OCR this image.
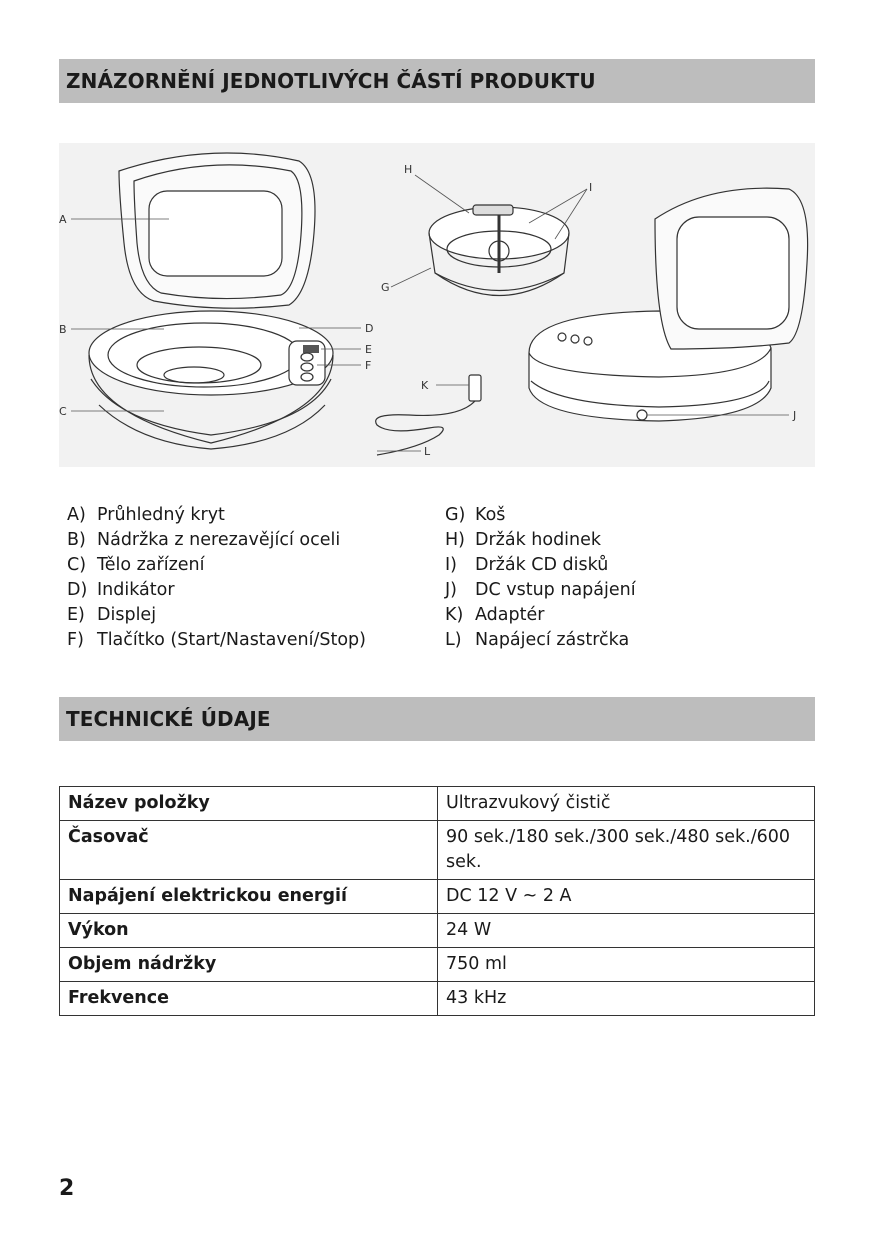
ZNÁZORNĚNÍ JEDNOTLIVÝCH ČÁSTÍ PRODUKTU
A
B
C
D
E
F
G
H
I
J
K
L
A) Průhledný kryt
B) Nádržka z nerezavějící oceli
C) Tělo zařízení
D) Indikátor
E) Displej
F) Tlačítko (Start/Nastavení/Stop)
G) Koš
H) Držák hodinek
I) Držák CD disků
J) DC vstup napájení
K) Adaptér
L) Napájecí zástrčka
TECHNICKÉ ÚDAJE
Název položky	Ultrazvukový čistič
Časovač	90 sek./180 sek./300 sek./480 sek./600 sek.
Napájení elektrickou energií	DC 12 V ~ 2 A
Výkon	24 W
Objem nádržky	750 ml
Frekvence	43 kHz
2
